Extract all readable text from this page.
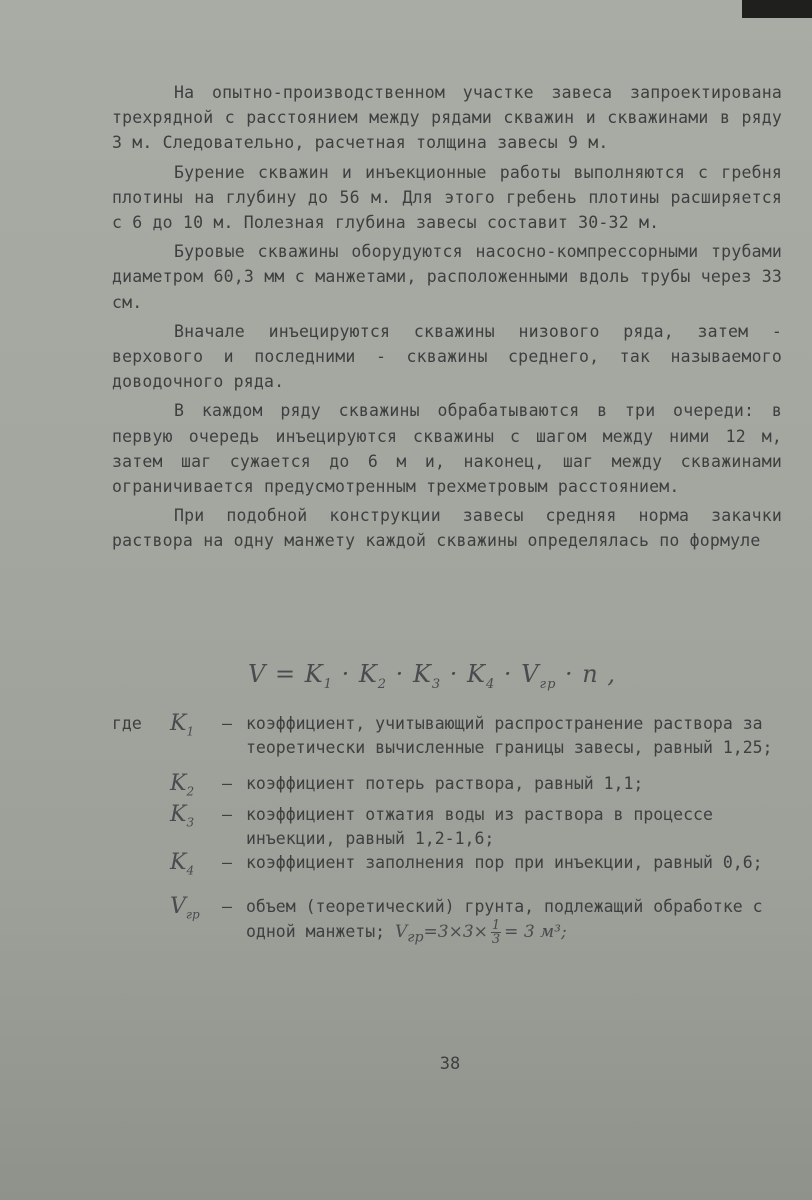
На опытно-производственном участке завеса запроектирована трехрядной с расстоянием между рядами скважин и скважинами в ряду 3 м. Следовательно, расчетная толщина завесы 9 м.

Бурение скважин и инъекционные работы выполняются с гребня плотины на глубину до 56 м. Для этого гребень плотины расширяется с 6 до 10 м. Полезная глубина завесы составит 30-32 м.

Буровые скважины оборудуются насосно-компрессорными трубами диаметром 60,3 мм с манжетами, расположенными вдоль трубы через 33 см.

Вначале инъецируются скважины низового ряда, затем - верхового и последними - скважины среднего, так называемого доводочного ряда.

В каждом ряду скважины обрабатываются в три очереди: в первую очередь инъецируются скважины с шагом между ними 12 м, затем шаг сужается до 6 м и, наконец, шаг между скважинами ограничивается предусмотренным трехметровым расстоянием.

При подобной конструкции завесы средняя норма закачки раствора на одну манжету каждой скважины определялась по формуле

$V = K_1 \cdot K_2 \cdot K_3 \cdot K_4 \cdot V_{гр} \cdot n$ ,
где	$K_1$	– коэффициент, учитывающий распространение раствора за теоретически вычисленные границы завесы, равный 1,25;
$K_2$	– коэффициент потерь раствора, равный 1,1;
$K_3$	– коэффициент отжатия воды из раствора в процессе инъекции, равный 1,2-1,6;
$K_4$	– коэффициент заполнения пор при инъекции, равный 0,6;
$V_{гр}$	– объем (теоретический) грунта, подлежащий обработке с одной манжеты; $V_{гр}=3\times 3\times \frac{1}{3} = 3$ м³;
38
